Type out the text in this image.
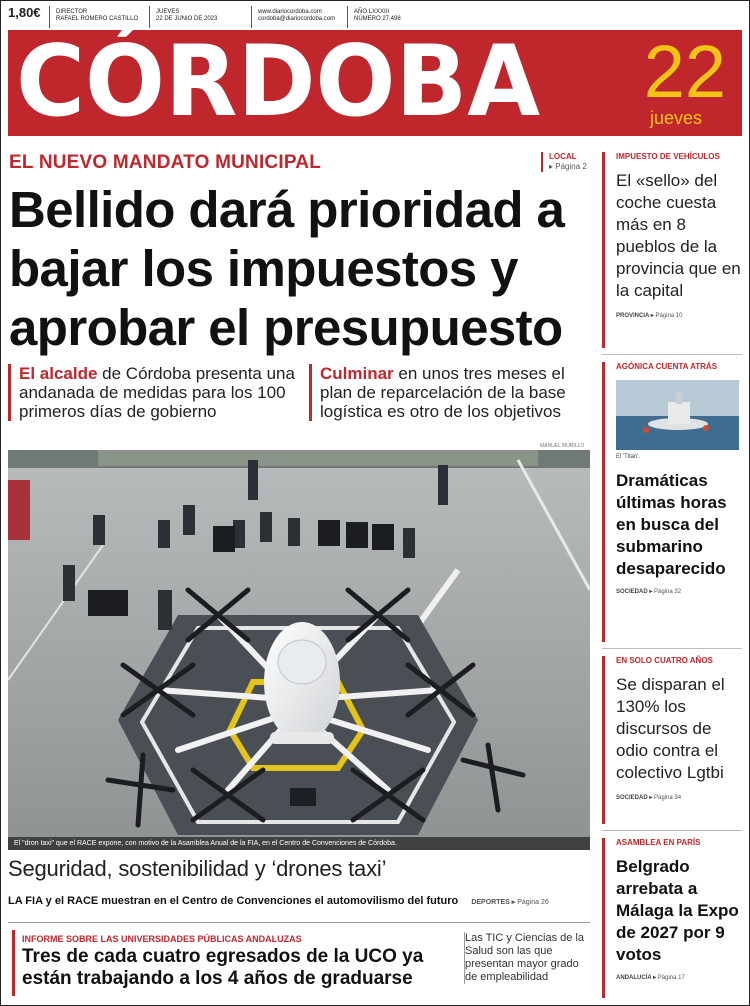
1,80€	DIRECTOR
RAFAEL ROMERO CASTILLO
JUEVES
22 DE JUNIO DE 2023
www.diariocordoba.com
cordoba@diariocordoba.com
AÑO LXXXIII
NÚMERO 27.498
CÓRDOBA 22
jueves
EL NUEVO MANDATO MUNICIPAL	LOCAL
▸ Página 2
Bellido dará prioridad a bajar los impuestos y aprobar el presupuesto
El alcalde de Córdoba presenta una andanada de medidas para los 100 primeros días de gobierno
Culminar en unos tres meses el plan de reparcelación de la base logística es otro de los objetivos
MANUEL MURILLO
El "dron taxi" que el RACE expone, con motivo de la Asamblea Anual de la FIA, en el Centro de Convenciones de Córdoba.
Seguridad, sostenibilidad y ‘drones taxi’
LA FIA y el RACE muestran en el Centro de Convenciones el automovilismo del futuro DEPORTES ▸ Página 26
INFORME SOBRE LAS UNIVERSIDADES PÚBLICAS ANDALUZAS
Tres de cada cuatro egresados de la UCO ya están trabajando a los 4 años de graduarse
Las TIC y Ciencias de la Salud son las que presentan mayor grado de empleabilidad
IMPUESTO DE VEHÍCULOS
El «sello» del coche cuesta más en 8 pueblos de la provincia que en la capital
PROVINCIA ▸ Página 10
AGÓNICA CUENTA ATRÁS
El 'Titan'.
Dramáticas últimas horas en busca del submarino desaparecido
SOCIEDAD ▸ Página 32
EN SOLO CUATRO AÑOS
Se disparan el 130% los discursos de odio contra el colectivo Lgtbi
SOCIEDAD ▸ Página 34
ASAMBLEA EN PARÍS
Belgrado arrebata a Málaga la Expo de 2027 por 9 votos
ANDALUCÍA ▸ Página 17
